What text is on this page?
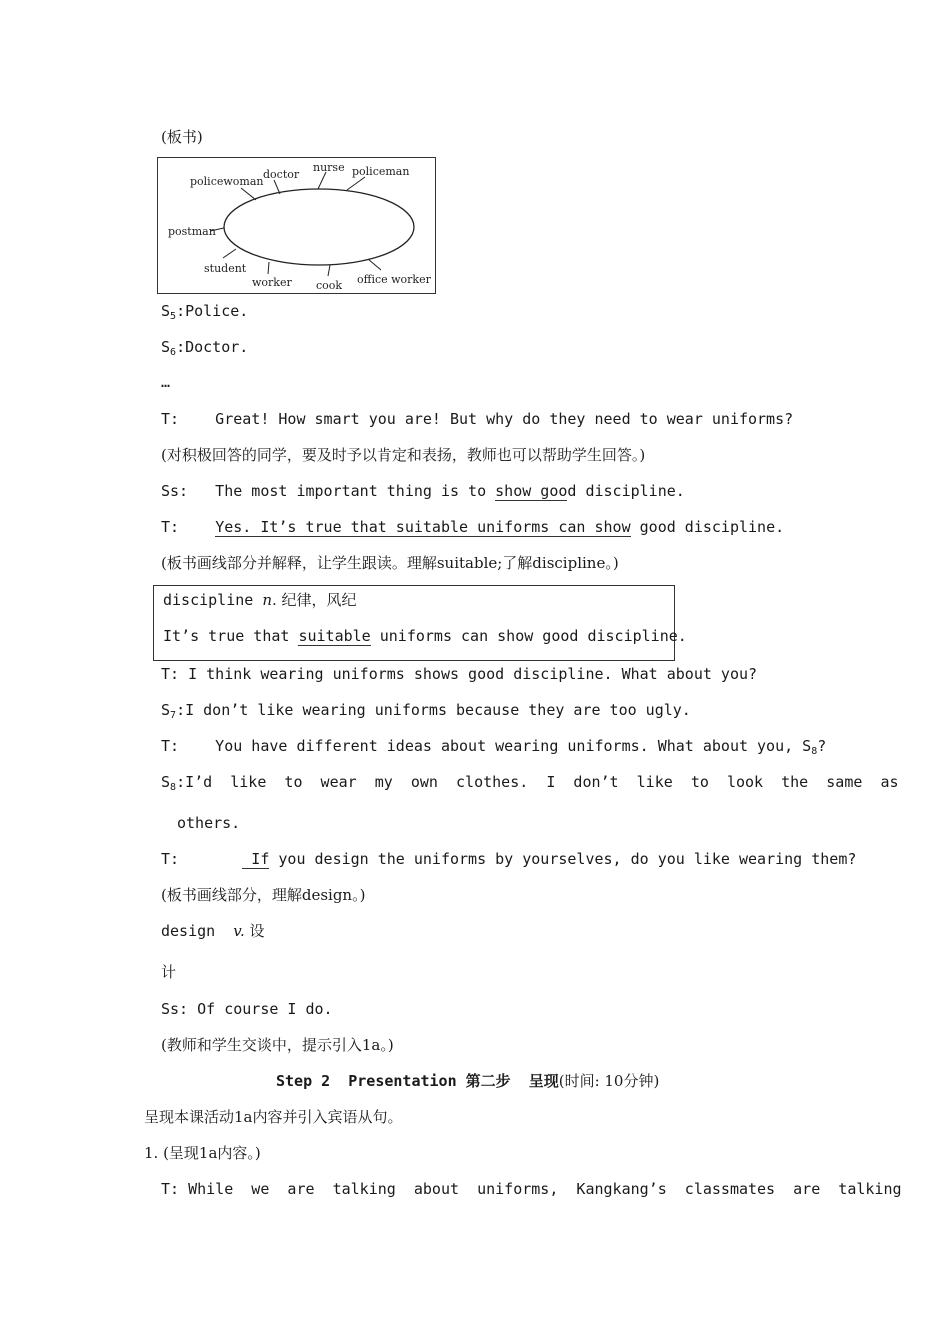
(板书)
policewoman
doctor
nurse policeman
postman
student
worker cook office worker
$S_5:Police$.
$S_6:Doctor$.
…
T:    Great! How smart you are! But why do they need to wear uniforms?
(对积极回答的同学，要及时予以肯定和表扬，教师也可以帮助学生回答。)
Ss:   The most important thing is to show good discipline.
T:    Yes. It’s true that suitable uniforms can show good discipline.
(板书画线部分并解释，让学生跟读。理解suitable;了解discipline。)
discipline n. 纪律，风纪
It’s true that suitable uniforms can show good discipline.
T: I think wearing uniforms shows good discipline. What about you?
$S_7:I$ don’t like wearing uniforms because they are too ugly.
T:    You have different ideas about wearing uniforms. What about you, $S_8$?
$S_8:I’d$  like  to  wear  my  own  clothes.  I  don’t  like  to  look  the  same  as
others.
T:        If you design the uniforms by yourselves, do you like wearing them?
(板书画线部分，理解design。)
design  v. 设
计
Ss: Of course I do.
(教师和学生交谈中，提示引入1a。)
Step 2  Presentation 第二步  呈现(时间: 10分钟)
呈现本课活动1a内容并引入宾语从句。
1. (呈现1a内容。)
T: While  we  are  talking  about  uniforms,  Kangkang’s  classmates  are  talking
